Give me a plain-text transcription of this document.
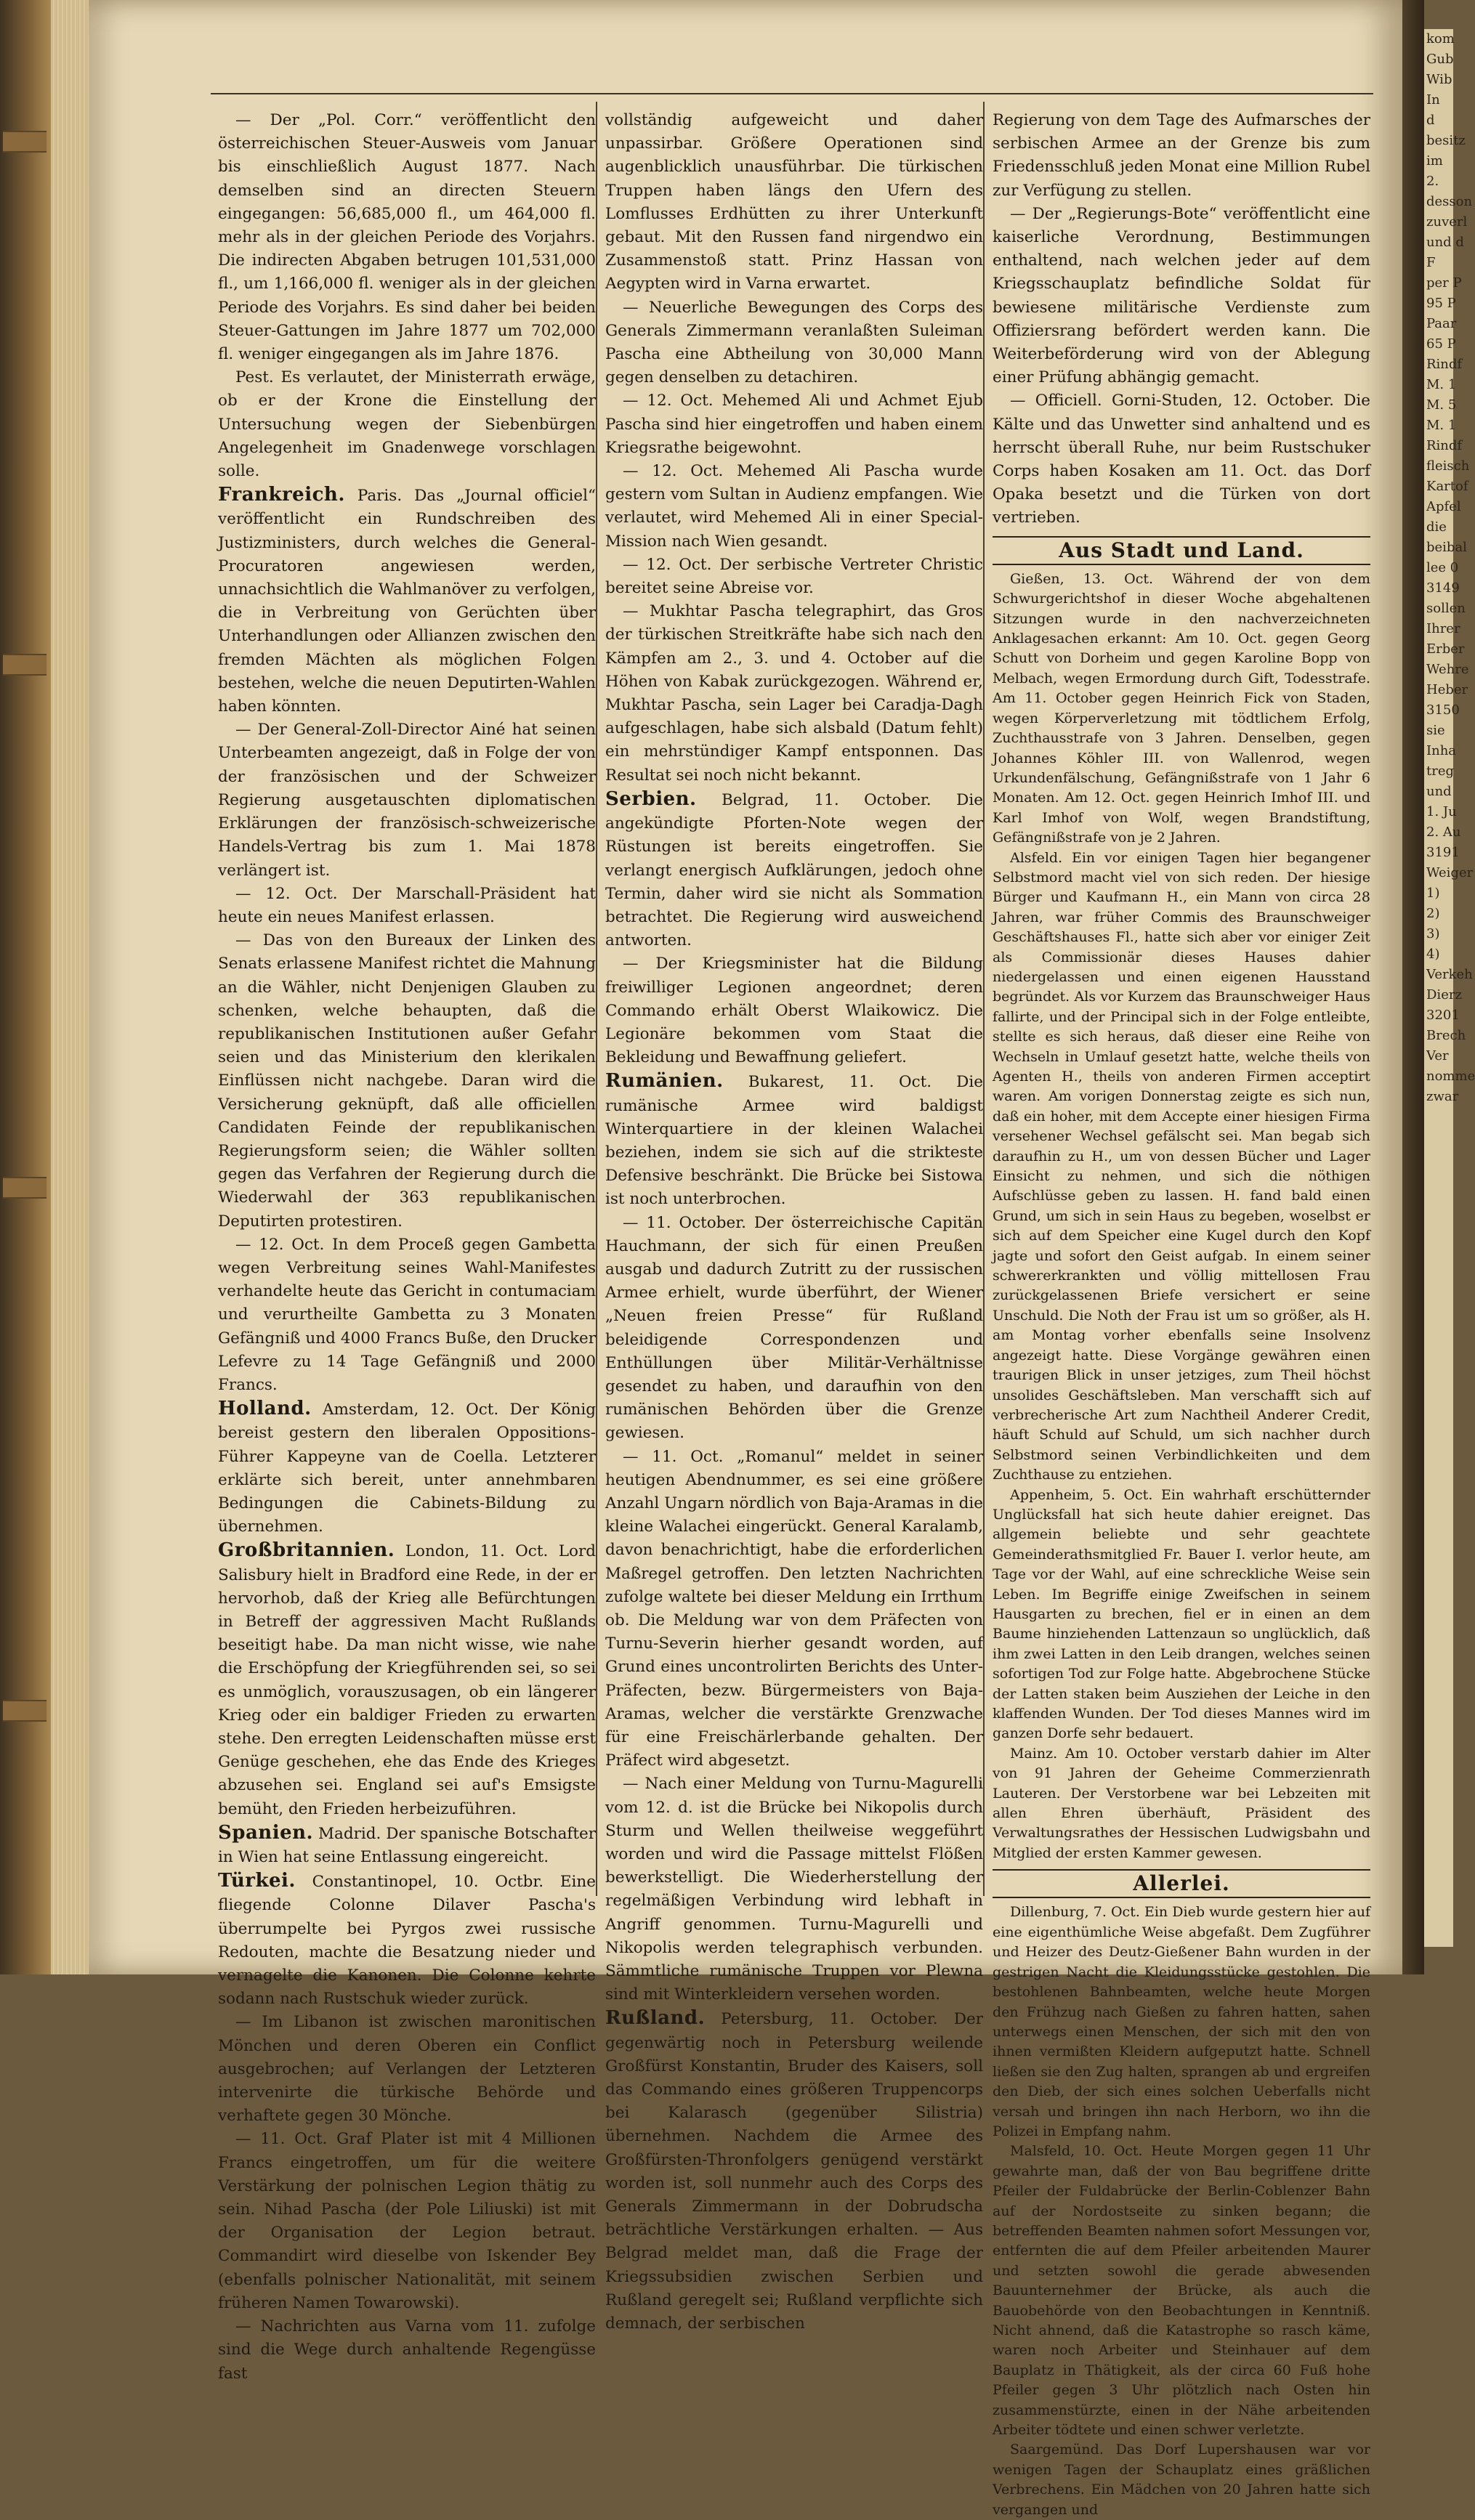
— Der „Pol. Corr.“ veröffentlicht den österreichischen Steuer-Ausweis vom Januar bis einschließlich August 1877. Nach demselben sind an directen Steuern eingegangen: 56,685,000 fl., um 464,000 fl. mehr als in der gleichen Periode des Vorjahrs. Die indirecten Abgaben betrugen 101,531,000 fl., um 1,166,000 fl. weniger als in der gleichen Periode des Vorjahrs. Es sind daher bei beiden Steuer-Gattungen im Jahre 1877 um 702,000 fl. weniger eingegangen als im Jahre 1876.

Pest. Es verlautet, der Ministerrath erwäge, ob er der Krone die Einstellung der Untersuchung wegen der Siebenbürgen Angelegenheit im Gnadenwege vorschlagen solle.

Frankreich. Paris. Das „Journal officiel“ veröffentlicht ein Rundschreiben des Justizministers, durch welches die General-Procuratoren angewiesen werden, unnachsichtlich die Wahlmanöver zu verfolgen, die in Verbreitung von Gerüchten über Unterhandlungen oder Allianzen zwischen den fremden Mächten als möglichen Folgen bestehen, welche die neuen Deputirten-Wahlen haben könnten.

— Der General-Zoll-Director Ainé hat seinen Unterbeamten angezeigt, daß in Folge der von der französischen und der Schweizer Regierung ausgetauschten diplomatischen Erklärungen der französisch-schweizerische Handels-Vertrag bis zum 1. Mai 1878 verlängert ist.

— 12. Oct. Der Marschall-Präsident hat heute ein neues Manifest erlassen.

— Das von den Bureaux der Linken des Senats erlassene Manifest richtet die Mahnung an die Wähler, nicht Denjenigen Glauben zu schenken, welche behaupten, daß die republikanischen Institutionen außer Gefahr seien und das Ministerium den klerikalen Einflüssen nicht nachgebe. Daran wird die Versicherung geknüpft, daß alle officiellen Candidaten Feinde der republikanischen Regierungsform seien; die Wähler sollten gegen das Verfahren der Regierung durch die Wiederwahl der 363 republikanischen Deputirten protestiren.

— 12. Oct. In dem Proceß gegen Gambetta wegen Verbreitung seines Wahl-Manifestes verhandelte heute das Gericht in contumaciam und verurtheilte Gambetta zu 3 Monaten Gefängniß und 4000 Francs Buße, den Drucker Lefevre zu 14 Tage Gefängniß und 2000 Francs.

Holland. Amsterdam, 12. Oct. Der König bereist gestern den liberalen Oppositions-Führer Kappeyne van de Coella. Letzterer erklärte sich bereit, unter annehmbaren Bedingungen die Cabinets-Bildung zu übernehmen.

Großbritannien. London, 11. Oct. Lord Salisbury hielt in Bradford eine Rede, in der er hervorhob, daß der Krieg alle Befürchtungen in Betreff der aggressiven Macht Rußlands beseitigt habe. Da man nicht wisse, wie nahe die Erschöpfung der Kriegführenden sei, so sei es unmöglich, vorauszusagen, ob ein längerer Krieg oder ein baldiger Frieden zu erwarten stehe. Den erregten Leidenschaften müsse erst Genüge geschehen, ehe das Ende des Krieges abzusehen sei. England sei auf's Emsigste bemüht, den Frieden herbeizuführen.

Spanien. Madrid. Der spanische Botschafter in Wien hat seine Entlassung eingereicht.

Türkei. Constantinopel, 10. Octbr. Eine fliegende Colonne Dilaver Pascha's überrumpelte bei Pyrgos zwei russische Redouten, machte die Besatzung nieder und vernagelte die Kanonen. Die Colonne kehrte sodann nach Rustschuk wieder zurück.

— Im Libanon ist zwischen maronitischen Mönchen und deren Oberen ein Conflict ausgebrochen; auf Verlangen der Letzteren intervenirte die türkische Behörde und verhaftete gegen 30 Mönche.

— 11. Oct. Graf Plater ist mit 4 Millionen Francs eingetroffen, um für die weitere Verstärkung der polnischen Legion thätig zu sein. Nihad Pascha (der Pole Liliuski) ist mit der Organisation der Legion betraut. Commandirt wird dieselbe von Iskender Bey (ebenfalls polnischer Nationalität, mit seinem früheren Namen Towarowski).

— Nachrichten aus Varna vom 11. zufolge sind die Wege durch anhaltende Regengüsse fast

vollständig aufgeweicht und daher unpassirbar. Größere Operationen sind augenblicklich unausführbar. Die türkischen Truppen haben längs den Ufern des Lomflusses Erdhütten zu ihrer Unterkunft gebaut. Mit den Russen fand nirgendwo ein Zusammenstoß statt. Prinz Hassan von Aegypten wird in Varna erwartet.

— Neuerliche Bewegungen des Corps des Generals Zimmermann veranlaßten Suleiman Pascha eine Abtheilung von 30,000 Mann gegen denselben zu detachiren.

— 12. Oct. Mehemed Ali und Achmet Ejub Pascha sind hier eingetroffen und haben einem Kriegsrathe beigewohnt.

— 12. Oct. Mehemed Ali Pascha wurde gestern vom Sultan in Audienz empfangen. Wie verlautet, wird Mehemed Ali in einer Special-Mission nach Wien gesandt.

— 12. Oct. Der serbische Vertreter Christic bereitet seine Abreise vor.

— Mukhtar Pascha telegraphirt, das Gros der türkischen Streitkräfte habe sich nach den Kämpfen am 2., 3. und 4. October auf die Höhen von Kabak zurückgezogen. Während er, Mukhtar Pascha, sein Lager bei Caradja-Dagh aufgeschlagen, habe sich alsbald (Datum fehlt) ein mehrstündiger Kampf entsponnen. Das Resultat sei noch nicht bekannt.

Serbien. Belgrad, 11. October. Die angekündigte Pforten-Note wegen der Rüstungen ist bereits eingetroffen. Sie verlangt energisch Aufklärungen, jedoch ohne Termin, daher wird sie nicht als Sommation betrachtet. Die Regierung wird ausweichend antworten.

— Der Kriegsminister hat die Bildung freiwilliger Legionen angeordnet; deren Commando erhält Oberst Wlaikowicz. Die Legionäre bekommen vom Staat die Bekleidung und Bewaffnung geliefert.

Rumänien. Bukarest, 11. Oct. Die rumänische Armee wird baldigst Winterquartiere in der kleinen Walachei beziehen, indem sie sich auf die strikteste Defensive beschränkt. Die Brücke bei Sistowa ist noch unterbrochen.

— 11. October. Der österreichische Capitän Hauchmann, der sich für einen Preußen ausgab und dadurch Zutritt zu der russischen Armee erhielt, wurde überführt, der Wiener „Neuen freien Presse“ für Rußland beleidigende Correspondenzen und Enthüllungen über Militär-Verhältnisse gesendet zu haben, und daraufhin von den rumänischen Behörden über die Grenze gewiesen.

— 11. Oct. „Romanul“ meldet in seiner heutigen Abendnummer, es sei eine größere Anzahl Ungarn nördlich von Baja-Aramas in die kleine Walachei eingerückt. General Karalamb, davon benachrichtigt, habe die erforderlichen Maßregel getroffen. Den letzten Nachrichten zufolge waltete bei dieser Meldung ein Irrthum ob. Die Meldung war von dem Präfecten von Turnu-Severin hierher gesandt worden, auf Grund eines uncontrolirten Berichts des Unter-Präfecten, bezw. Bürgermeisters von Baja-Aramas, welcher die verstärkte Grenzwache für eine Freischärlerbande gehalten. Der Präfect wird abgesetzt.

— Nach einer Meldung von Turnu-Magurelli vom 12. d. ist die Brücke bei Nikopolis durch Sturm und Wellen theilweise weggeführt worden und wird die Passage mittelst Flößen bewerkstelligt. Die Wiederherstellung der regelmäßigen Verbindung wird lebhaft in Angriff genommen. Turnu-Magurelli und Nikopolis werden telegraphisch verbunden. Sämmtliche rumänische Truppen vor Plewna sind mit Winterkleidern versehen worden.

Rußland. Petersburg, 11. October. Der gegenwärtig noch in Petersburg weilende Großfürst Konstantin, Bruder des Kaisers, soll das Commando eines größeren Truppencorps bei Kalarasch (gegenüber Silistria) übernehmen. Nachdem die Armee des Großfürsten-Thronfolgers genügend verstärkt worden ist, soll nunmehr auch des Corps des Generals Zimmermann in der Dobrudscha beträchtliche Verstärkungen erhalten. — Aus Belgrad meldet man, daß die Frage der Kriegssubsidien zwischen Serbien und Rußland geregelt sei; Rußland verpflichte sich demnach, der serbischen

Regierung von dem Tage des Aufmarsches der serbischen Armee an der Grenze bis zum Friedensschluß jeden Monat eine Million Rubel zur Verfügung zu stellen.

— Der „Regierungs-Bote“ veröffentlicht eine kaiserliche Verordnung, Bestimmungen enthaltend, nach welchen jeder auf dem Kriegsschauplatz befindliche Soldat für bewiesene militärische Verdienste zum Offiziersrang befördert werden kann. Die Weiterbeförderung wird von der Ablegung einer Prüfung abhängig gemacht.

— Officiell. Gorni-Studen, 12. October. Die Kälte und das Unwetter sind anhaltend und es herrscht überall Ruhe, nur beim Rustschuker Corps haben Kosaken am 11. Oct. das Dorf Opaka besetzt und die Türken von dort vertrieben.

Aus Stadt und Land.

Gießen, 13. Oct. Während der von dem Schwurgerichtshof in dieser Woche abgehaltenen Sitzungen wurde in den nachverzeichneten Anklagesachen erkannt: Am 10. Oct. gegen Georg Schutt von Dorheim und gegen Karoline Bopp von Melbach, wegen Ermordung durch Gift, Todesstrafe. Am 11. October gegen Heinrich Fick von Staden, wegen Körperverletzung mit tödtlichem Erfolg, Zuchthausstrafe von 3 Jahren. Denselben, gegen Johannes Köhler III. von Wallenrod, wegen Urkundenfälschung, Gefängnißstrafe von 1 Jahr 6 Monaten. Am 12. Oct. gegen Heinrich Imhof III. und Karl Imhof von Wolf, wegen Brandstiftung, Gefängnißstrafe von je 2 Jahren.

Alsfeld. Ein vor einigen Tagen hier begangener Selbstmord macht viel von sich reden. Der hiesige Bürger und Kaufmann H., ein Mann von circa 28 Jahren, war früher Commis des Braunschweiger Geschäftshauses Fl., hatte sich aber vor einiger Zeit als Commissionär dieses Hauses dahier niedergelassen und einen eigenen Hausstand begründet. Als vor Kurzem das Braunschweiger Haus fallirte, und der Principal sich in der Folge entleibte, stellte es sich heraus, daß dieser eine Reihe von Wechseln in Umlauf gesetzt hatte, welche theils von Agenten H., theils von anderen Firmen acceptirt waren. Am vorigen Donnerstag zeigte es sich nun, daß ein hoher, mit dem Accepte einer hiesigen Firma versehener Wechsel gefälscht sei. Man begab sich daraufhin zu H., um von dessen Bücher und Lager Einsicht zu nehmen, und sich die nöthigen Aufschlüsse geben zu lassen. H. fand bald einen Grund, um sich in sein Haus zu begeben, woselbst er sich auf dem Speicher eine Kugel durch den Kopf jagte und sofort den Geist aufgab. In einem seiner schwererkrankten und völlig mittellosen Frau zurückgelassenen Briefe versichert er seine Unschuld. Die Noth der Frau ist um so größer, als H. am Montag vorher ebenfalls seine Insolvenz angezeigt hatte. Diese Vorgänge gewähren einen traurigen Blick in unser jetziges, zum Theil höchst unsolides Geschäftsleben. Man verschafft sich auf verbrecherische Art zum Nachtheil Anderer Credit, häuft Schuld auf Schuld, um sich nachher durch Selbstmord seinen Verbindlichkeiten und dem Zuchthause zu entziehen.

Appenheim, 5. Oct. Ein wahrhaft erschütternder Unglücksfall hat sich heute dahier ereignet. Das allgemein beliebte und sehr geachtete Gemeinderathsmitglied Fr. Bauer I. verlor heute, am Tage vor der Wahl, auf eine schreckliche Weise sein Leben. Im Begriffe einige Zweifschen in seinem Hausgarten zu brechen, fiel er in einen an dem Baume hinziehenden Lattenzaun so unglücklich, daß ihm zwei Latten in den Leib drangen, welches seinen sofortigen Tod zur Folge hatte. Abgebrochene Stücke der Latten staken beim Ausziehen der Leiche in den klaffenden Wunden. Der Tod dieses Mannes wird im ganzen Dorfe sehr bedauert.

Mainz. Am 10. October verstarb dahier im Alter von 91 Jahren der Geheime Commerzienrath Lauteren. Der Verstorbene war bei Lebzeiten mit allen Ehren überhäuft, Präsident des Verwaltungsrathes der Hessischen Ludwigsbahn und Mitglied der ersten Kammer gewesen.

Allerlei.

Dillenburg, 7. Oct. Ein Dieb wurde gestern hier auf eine eigenthümliche Weise abgefaßt. Dem Zugführer und Heizer des Deutz-Gießener Bahn wurden in der gestrigen Nacht die Kleidungsstücke gestohlen. Die bestohlenen Bahnbeamten, welche heute Morgen den Frühzug nach Gießen zu fahren hatten, sahen unterwegs einen Menschen, der sich mit den von ihnen vermißten Kleidern aufgeputzt hatte. Schnell ließen sie den Zug halten, sprangen ab und ergreifen den Dieb, der sich eines solchen Ueberfalls nicht versah und bringen ihn nach Herborn, wo ihn die Polizei in Empfang nahm.

Malsfeld, 10. Oct. Heute Morgen gegen 11 Uhr gewahrte man, daß der von Bau begriffene dritte Pfeiler der Fuldabrücke der Berlin-Coblenzer Bahn auf der Nordostseite zu sinken begann; die betreffenden Beamten nahmen sofort Messungen vor, entfernten die auf dem Pfeiler arbeitenden Maurer und setzten sowohl die gerade abwesenden Bauunternehmer der Brücke, als auch die Bauobehörde von den Beobachtungen in Kenntniß. Nicht ahnend, daß die Katastrophe so rasch käme, waren noch Arbeiter und Steinhauer auf dem Bauplatz in Thätigkeit, als der circa 60 Fuß hohe Pfeiler gegen 3 Uhr plötzlich nach Osten hin zusammenstürzte, einen in der Nähe arbeitenden Arbeiter tödtete und einen schwer verletzte.

Saargemünd. Das Dorf Lupershausen war vor wenigen Tagen der Schauplatz eines gräßlichen Verbrechens. Ein Mädchen von 20 Jahren hatte sich vergangen und

kom
Gub
Wib
In
d
besitz
im
2.
desson
zuverl
und d
F
per P
95 P
Paar
65 P
Rindf
M. 1
M. 5
M. 1
Rindf
fleisch
Kartof
Apfel
die
beibal
lee 0
3149
sollen
Ihrer
Erber
Wehre
Heber
3150
sie
Inha
treg
und
1. Ju
2. Au
3191
Weiger
1)
2)
3)
4)
Verkeh
Dierz
3201
Brech
Ver
nomme
zwar
